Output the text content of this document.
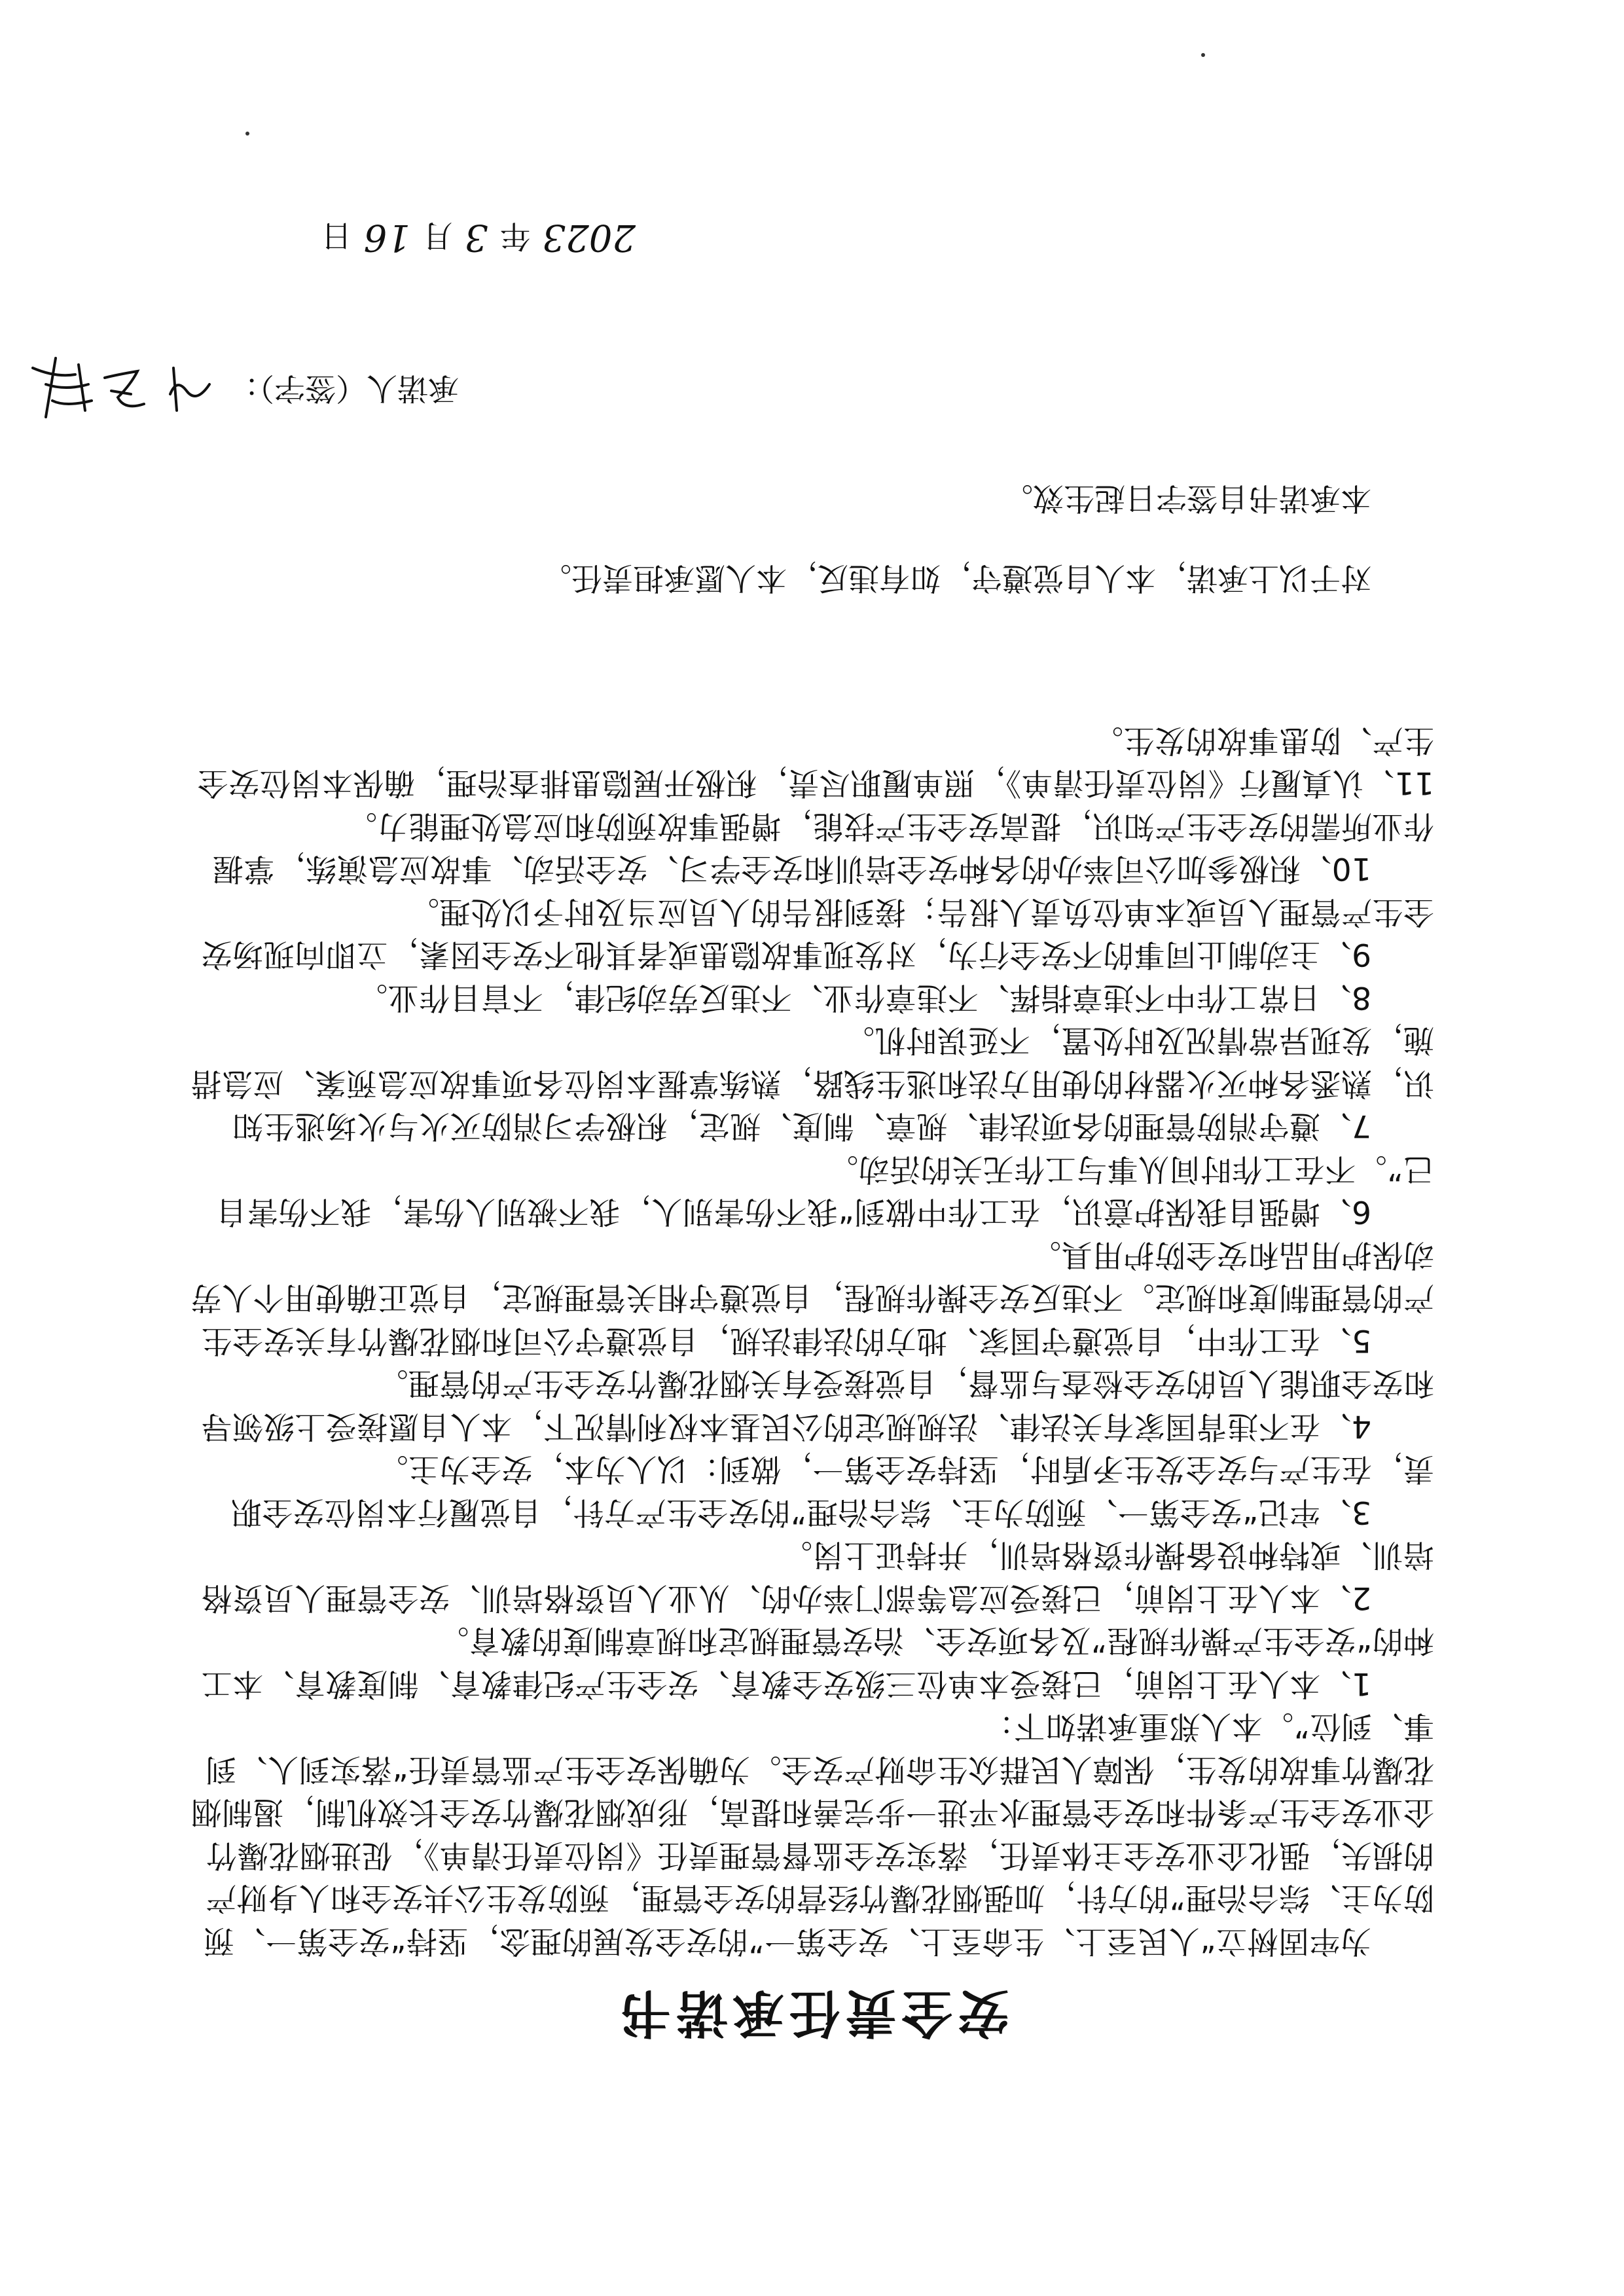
安全责任承诺书

为牢固树立“人民至上、生命至上、安全第一”的安全发展的理念，坚持“安全第一、预防为主、综合治理”的方针，加强烟花爆竹经营的安全管理，预防发生公共安全和人身财产的损失，强化企业安全主体责任，落实安全监督管理责任《岗位责任清单》，促进烟花爆竹企业安全生产条件和安全管理水平进一步完善和提高，形成烟花爆竹安全长效机制，遏制烟花爆竹事故的发生，保障人民群众生命财产安全。为确保安全生产监管责任“落实到人、到事、到位”。本人郑重承诺如下：

1、本人在上岗前，已接受本单位三级安全教育、安全生产纪律教育、制度教育、本工种的“安全生产操作规程”及各项安全、治安管理规定和规章制度的教育。

2、本人在上岗前，已接受应急等部门举办的、从业人员资格培训、安全管理人员资格培训、或特种设备操作资格培训，并持证上岗。

3、牢记“安全第一、预防为主、综合治理”的安全生产方针，自觉履行本岗位安全职责，在生产与安全发生矛盾时，坚持安全第一，做到：以人为本，安全为主。

4、在不违背国家有关法律、法规规定的公民基本权利情况下，本人自愿接受上级领导和安全职能人员的安全检查与监督，自觉接受有关烟花爆竹安全生产的管理。

5、在工作中，自觉遵守国家、地方的法律法规，自觉遵守公司和烟花爆竹有关安全生产的管理制度和规定。不违反安全操作规程，自觉遵守相关管理规定，自觉正确使用个人劳动保护用品和安全防护用具。

6、增强自我保护意识，在工作中做到“我不伤害别人，我不被别人伤害，我不伤害自己”。不在工作时间从事与工作无关的活动。

7、遵守消防管理的各项法律、规章、制度、规定，积极学习消防灭火与火场逃生知识，熟悉各种灭火器材的使用方法和逃生线路，熟练掌握本岗位各项事故应急预案、应急措施，发现异常情况及时处置，不延误时机。

8、日常工作中不违章指挥、不违章作业、不违反劳动纪律，不盲目作业。

9、主动制止同事的不安全行为，对发现事故隐患或者其他不安全因素，立即向现场安全生产管理人员或本单位负责人报告；接到报告的人员应当及时予以处理。

10、积极参加公司举办的各种安全培训和安全学习、安全活动、事故应急演练，掌握作业所需的安全生产知识，提高安全生产技能，增强事故预防和应急处理能力。

11、认真履行《岗位责任清单》，照单履职尽责，积极开展隐患排查治理，确保本岗位安全生产、防患事故的发生。

对于以上承诺，本人自觉遵守，如有违反，本人愿承担责任。

本承诺书自签字日起生效。

承诺人（签字）：
2023
年
3
月
16
日
